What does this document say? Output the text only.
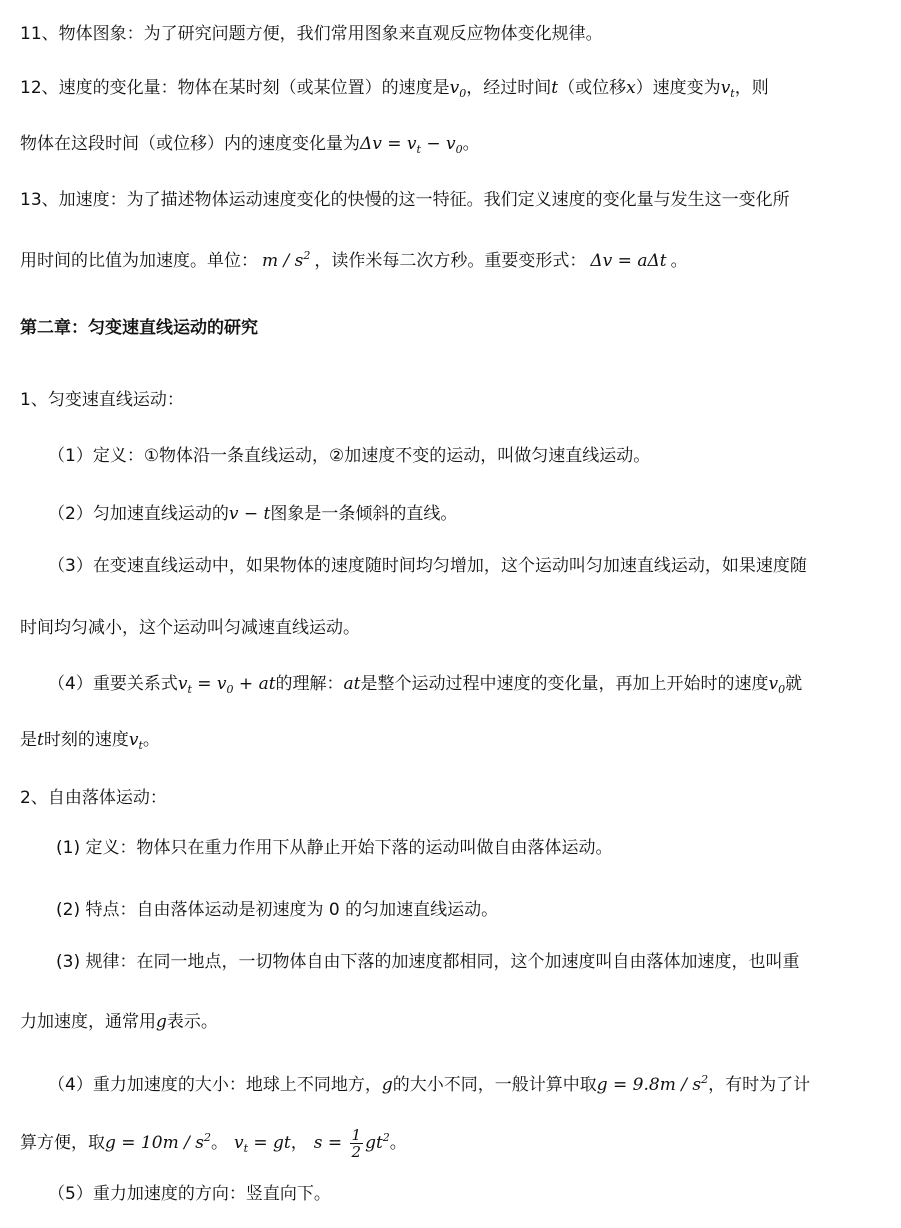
11、物体图象：为了研究问题方便，我们常用图象来直观反应物体变化规律。
12、速度的变化量：物体在某时刻（或某位置）的速度是$v_0$，经过时间t（或位移x）速度变为$v_t$，则
物体在这段时间（或位移）内的速度变化量为$\Delta v = v_t - v_0$。
13、加速度：为了描述物体运动速度变化的快慢的这一特征。我们定义速度的变化量与发生这一变化所
用时间的比值为加速度。单位： m / $s^2$ ，读作米每二次方秒。重要变形式： Δv = aΔt 。
第二章：匀变速直线运动的研究
1、匀变速直线运动：
（1）定义：①物体沿一条直线运动，②加速度不变的运动，叫做匀速直线运动。
（2）匀加速直线运动的v − t图象是一条倾斜的直线。
（3）在变速直线运动中，如果物体的速度随时间均匀增加，这个运动叫匀加速直线运动，如果速度随
时间均匀减小，这个运动叫匀减速直线运动。
（4）重要关系式$v_t = v_0$ + at的理解：at是整个运动过程中速度的变化量，再加上开始时的速度$v_0$就
是t时刻的速度$v_t$。
2、自由落体运动：
(1) 定义：物体只在重力作用下从静止开始下落的运动叫做自由落体运动。
(2) 特点：自由落体运动是初速度为 0 的匀加速直线运动。
(3) 规律：在同一地点，一切物体自由下落的加速度都相同，这个加速度叫自由落体加速度，也叫重
力加速度，通常用g表示。
（4）重力加速度的大小：地球上不同地方，g的大小不同，一般计算中取$g = 9.8m / s^2$，有时为了计
算方便，取$g = 10m / s^2$。 $v_t$ = gt， $s = \frac{1}{2} gt^2$。
（5）重力加速度的方向：竖直向下。
